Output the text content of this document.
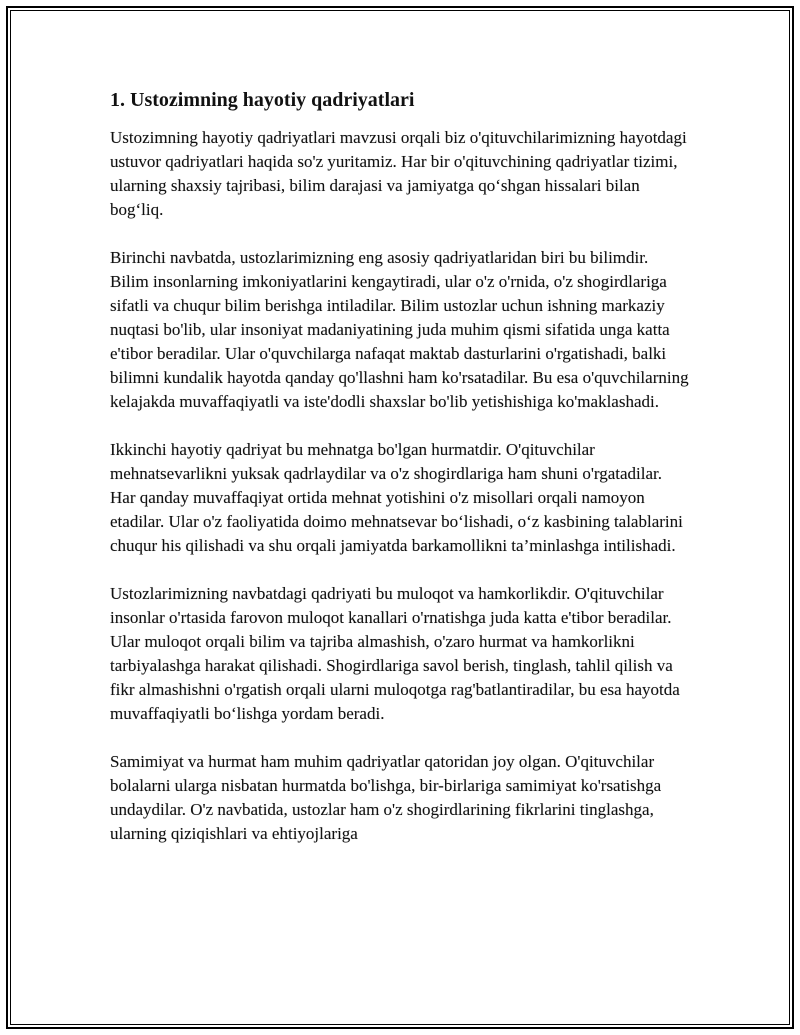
1. Ustozimning hayotiy qadriyatlari

Ustozimning hayotiy qadriyatlari mavzusi orqali biz o'qituvchilarimizning hayotdagi ustuvor qadriyatlari haqida so'z yuritamiz. Har bir o'qituvchining qadriyatlar tizimi, ularning shaxsiy tajribasi, bilim darajasi va jamiyatga qo‘shgan hissalari bilan bog‘liq.

Birinchi navbatda, ustozlarimizning eng asosiy qadriyatlaridan biri bu bilimdir. Bilim insonlarning imkoniyatlarini kengaytiradi, ular o'z o'rnida, o'z shogirdlariga sifatli va chuqur bilim berishga intiladilar. Bilim ustozlar uchun ishning markaziy nuqtasi bo'lib, ular insoniyat madaniyatining juda muhim qismi sifatida unga katta e'tibor beradilar. Ular o'quvchilarga nafaqat maktab dasturlarini o'rgatishadi, balki bilimni kundalik hayotda qanday qo'llashni ham ko'rsatadilar. Bu esa o'quvchilarning kelajakda muvaffaqiyatli va iste'dodli shaxslar bo'lib yetishishiga ko'maklashadi.

Ikkinchi hayotiy qadriyat bu mehnatga bo'lgan hurmatdir. O'qituvchilar mehnatsevarlikni yuksak qadrlaydilar va o'z shogirdlariga ham shuni o'rgatadilar. Har qanday muvaffaqiyat ortida mehnat yotishini o'z misollari orqali namoyon etadilar. Ular o'z faoliyatida doimo mehnatsevar bo‘lishadi, o‘z kasbining talablarini chuqur his qilishadi va shu orqali jamiyatda barkamollikni ta’minlashga intilishadi.

Ustozlarimizning navbatdagi qadriyati bu muloqot va hamkorlikdir. O'qituvchilar insonlar o'rtasida farovon muloqot kanallari o'rnatishga juda katta e'tibor beradilar. Ular muloqot orqali bilim va tajriba almashish, o'zaro hurmat va hamkorlikni tarbiyalashga harakat qilishadi. Shogirdlariga savol berish, tinglash, tahlil qilish va fikr almashishni o'rgatish orqali ularni muloqotga rag'batlantiradilar, bu esa hayotda muvaffaqiyatli bo‘lishga yordam beradi.

Samimiyat va hurmat ham muhim qadriyatlar qatoridan joy olgan. O'qituvchilar bolalarni ularga nisbatan hurmatda bo'lishga, bir-birlariga samimiyat ko'rsatishga undaydilar. O'z navbatida, ustozlar ham o'z shogirdlarining fikrlarini tinglashga, ularning qiziqishlari va ehtiyojlariga
